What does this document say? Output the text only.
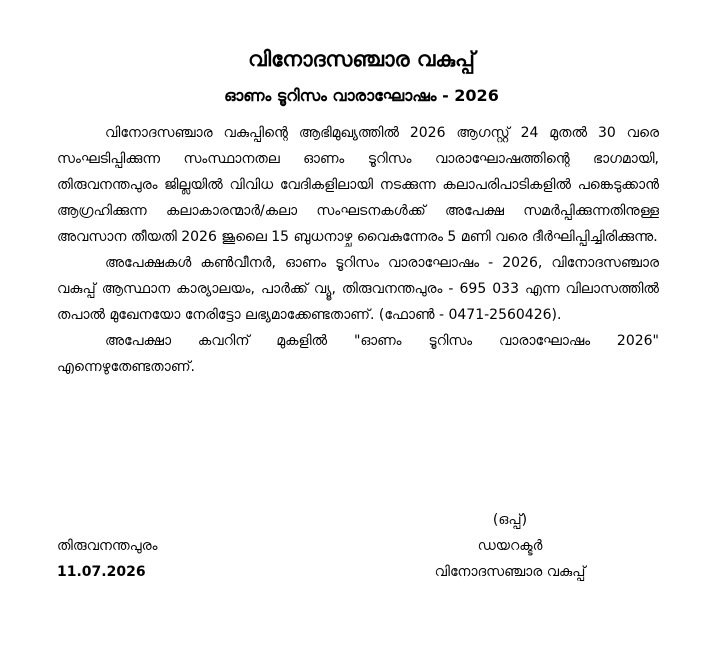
വിനോദസഞ്ചാര വകുപ്പ്
ഓണം ടൂറിസം വാരാഘോഷം - 2026

വിനോദസഞ്ചാര വകുപ്പിന്റെ ആഭിമുഖ്യത്തിൽ 2026 ആഗസ്റ്റ് 24 മുതൽ 30 വരെ സംഘടിപ്പിക്കുന്ന സംസ്ഥാനതല ഓണം ടൂറിസം വാരാഘോഷത്തിന്റെ ഭാഗമായി, തിരുവനന്തപുരം ജില്ലയിൽ വിവിധ വേദികളിലായി നടക്കുന്ന കലാപരിപാടികളിൽ പങ്കെടുക്കാൻ ആഗ്രഹിക്കുന്ന കലാകാരന്മാർ/കലാ സംഘടനകൾക്ക് അപേക്ഷ സമർപ്പിക്കുന്നതിനുള്ള അവസാന തീയതി 2026 ജൂലൈ 15 ബുധനാഴ്ച വൈകുന്നേരം 5 മണി വരെ ദീർഘിപ്പിച്ചിരിക്കുന്നു.

അപേക്ഷകൾ കൺവീനർ, ഓണം ടൂറിസം വാരാഘോഷം - 2026, വിനോദസഞ്ചാര വകുപ്പ് ആസ്ഥാന കാര്യാലയം, പാർക്ക് വ്യൂ, തിരുവനന്തപുരം - 695 033 എന്ന വിലാസത്തിൽ തപാൽ മുഖേനയോ നേരിട്ടോ ലഭ്യമാക്കേണ്ടതാണ്. (ഫോൺ - 0471-2560426).

അപേക്ഷാ കവറിന് മുകളിൽ "ഓണം ടൂറിസം വാരാഘോഷം 2026" എന്നെഴുതേണ്ടതാണ്.

(ഒപ്പ്)
ഡയറക്ടർ
വിനോദസഞ്ചാര വകുപ്പ്
തിരുവനന്തപുരം
11.07.2026
